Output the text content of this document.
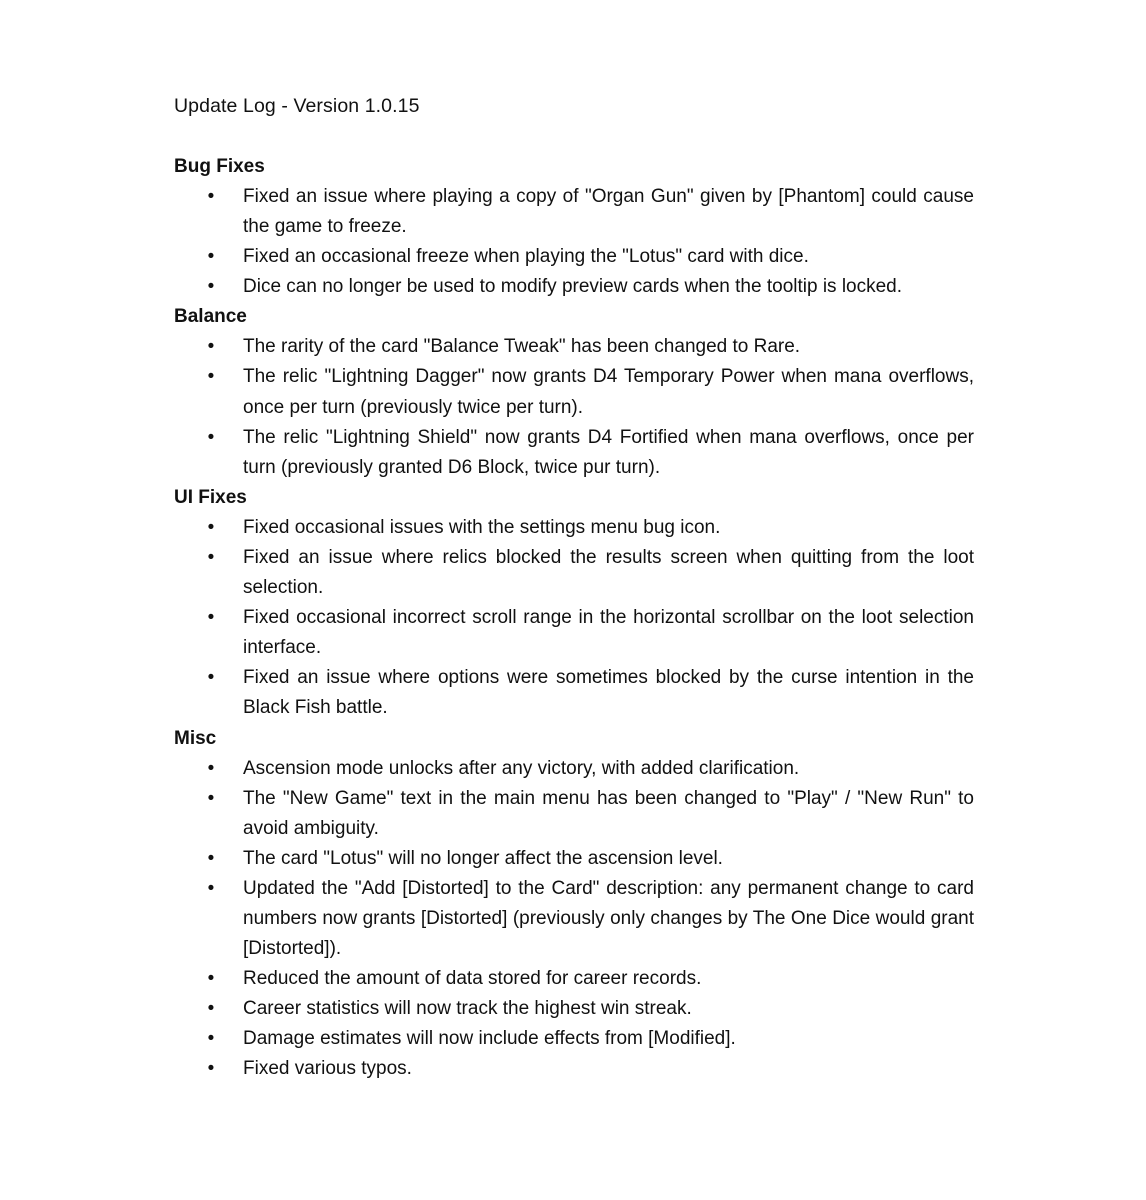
Update Log - Version 1.0.15
Bug Fixes
• Fixed an issue where playing a copy of "Organ Gun" given by [Phantom] could cause the game to freeze.
• Fixed an occasional freeze when playing the "Lotus" card with dice.
• Dice can no longer be used to modify preview cards when the tooltip is locked.
Balance
• The rarity of the card "Balance Tweak" has been changed to Rare.
• The relic "Lightning Dagger" now grants D4 Temporary Power when mana overflows, once per turn (previously twice per turn).
• The relic "Lightning Shield" now grants D4 Fortified when mana overflows, once per turn (previously granted D6 Block, twice pur turn).
UI Fixes
• Fixed occasional issues with the settings menu bug icon.
• Fixed an issue where relics blocked the results screen when quitting from the loot selection.
• Fixed occasional incorrect scroll range in the horizontal scrollbar on the loot selection interface.
• Fixed an issue where options were sometimes blocked by the curse intention in the Black Fish battle.
Misc
• Ascension mode unlocks after any victory, with added clarification.
• The "New Game" text in the main menu has been changed to "Play" / "New Run" to avoid ambiguity.
• The card "Lotus" will no longer affect the ascension level.
• Updated the "Add [Distorted] to the Card" description: any permanent change to card numbers now grants [Distorted] (previously only changes by The One Dice would grant [Distorted]).
• Reduced the amount of data stored for career records.
• Career statistics will now track the highest win streak.
• Damage estimates will now include effects from [Modified].
• Fixed various typos.
